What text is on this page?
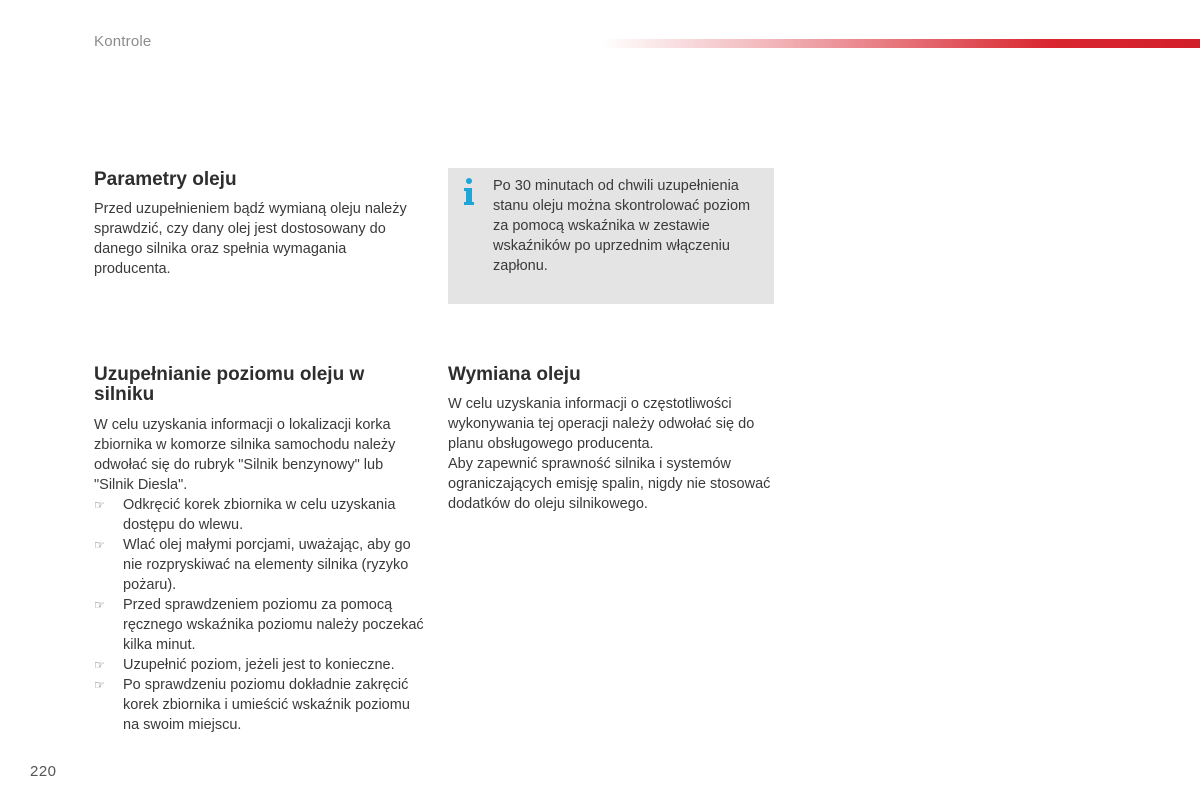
Kontrole
Parametry oleju

Przed uzupełnieniem bądź wymianą oleju należy sprawdzić, czy dany olej jest dostosowany do danego silnika oraz spełnia wymagania producenta.

Po 30 minutach od chwili uzupełnienia stanu oleju można skontrolować poziom za pomocą wskaźnika w zestawie wskaźników po uprzednim włączeniu zapłonu.

Uzupełnianie poziomu oleju w silniku

W celu uzyskania informacji o lokalizacji korka zbiornika w komorze silnika samochodu należy odwołać się do rubryk "Silnik benzynowy" lub "Silnik Diesla".

☞ Odkręcić korek zbiornika w celu uzyskania dostępu do wlewu.
☞ Wlać olej małymi porcjami, uważając, aby go nie rozpryskiwać na elementy silnika (ryzyko pożaru).
☞ Przed sprawdzeniem poziomu za pomocą ręcznego wskaźnika poziomu należy poczekać kilka minut.
☞ Uzupełnić poziom, jeżeli jest to konieczne.
☞ Po sprawdzeniu poziomu dokładnie zakręcić korek zbiornika i umieścić wskaźnik poziomu na swoim miejscu.
Wymiana oleju

W celu uzyskania informacji o częstotliwości wykonywania tej operacji należy odwołać się do planu obsługowego producenta.

Aby zapewnić sprawność silnika i systemów ograniczających emisję spalin, nigdy nie stosować dodatków do oleju silnikowego.

220
